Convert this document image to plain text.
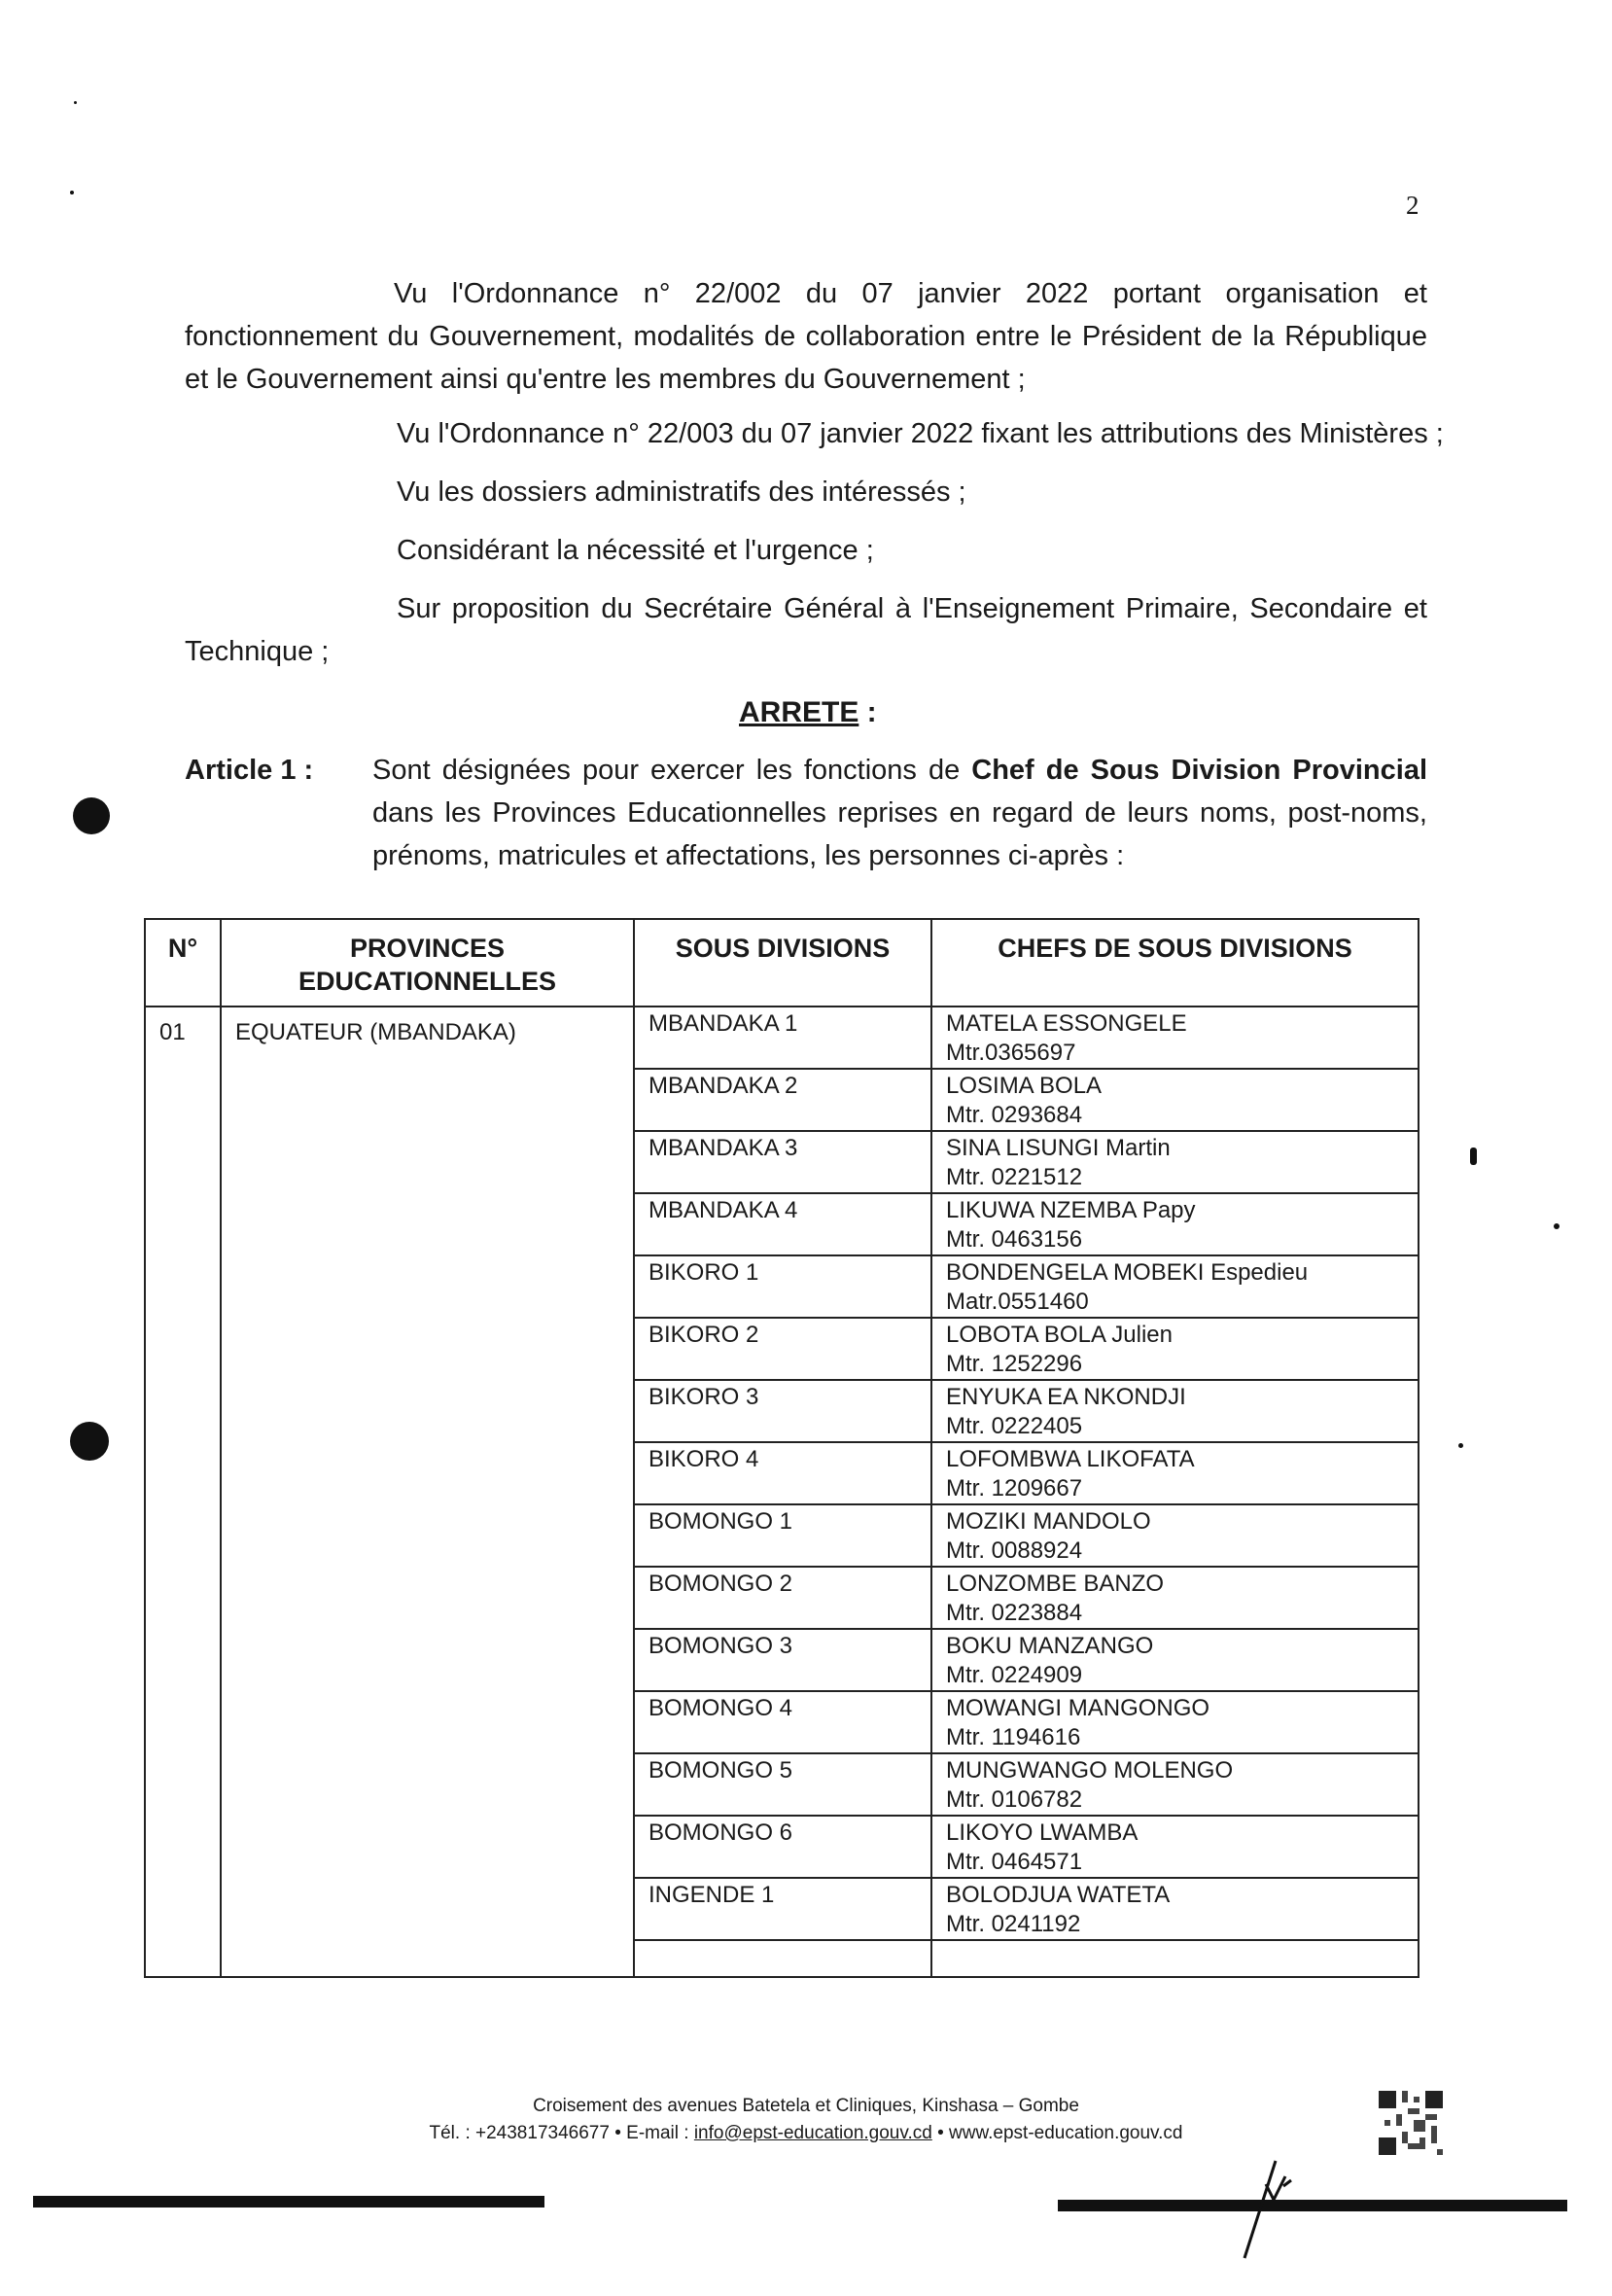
2
Vu l'Ordonnance n° 22/002 du 07 janvier 2022 portant organisation et fonctionnement du Gouvernement, modalités de collaboration entre le Président de la République et le Gouvernement ainsi qu'entre les membres du Gouvernement ;
Vu l'Ordonnance n° 22/003 du 07 janvier 2022 fixant les attributions des Ministères ;
Vu les dossiers administratifs des intéressés ;
Considérant la nécessité et l'urgence ;
Sur proposition du Secrétaire Général à l'Enseignement Primaire, Secondaire et Technique ;
ARRETE :
Article 1 : Sont désignées pour exercer les fonctions de Chef de Sous Division Provincial dans les Provinces Educationnelles reprises en regard de leurs noms, post-noms, prénoms, matricules et affectations, les personnes ci-après :
N°	PROVINCES EDUCATIONNELLES	SOUS DIVISIONS	CHEFS DE SOUS DIVISIONS
01	EQUATEUR (MBANDAKA)	MBANDAKA 1	MATELA ESSONGELE
Mtr.0365697

		MBANDAKA 2	LOSIMA BOLA
Mtr. 0293684

		MBANDAKA 3	SINA LISUNGI Martin
Mtr. 0221512

		MBANDAKA 4	LIKUWA NZEMBA Papy
Mtr. 0463156

		BIKORO 1	BONDENGELA MOBEKI Espedieu
Matr.0551460

		BIKORO 2	LOBOTA BOLA Julien
Mtr. 1252296

		BIKORO 3	ENYUKA EA NKONDJI
Mtr. 0222405

		BIKORO 4	LOFOMBWA LIKOFATA
Mtr. 1209667

		BOMONGO 1	MOZIKI MANDOLO
Mtr. 0088924

		BOMONGO 2	LONZOMBE BANZO
Mtr. 0223884

		BOMONGO 3	BOKU MANZANGO
Mtr. 0224909

		BOMONGO 4	MOWANGI MANGONGO
Mtr. 1194616

		BOMONGO 5	MUNGWANGO MOLENGO
Mtr. 0106782

		BOMONGO 6	LIKOYO LWAMBA
Mtr. 0464571

		INGENDE 1	BOLODJUA WATETA
Mtr. 0241192

Croisement des avenues Batetela et Cliniques, Kinshasa – Gombe
Tél. : +243817346677 • E-mail : info@epst-education.gouv.cd • www.epst-education.gouv.cd
